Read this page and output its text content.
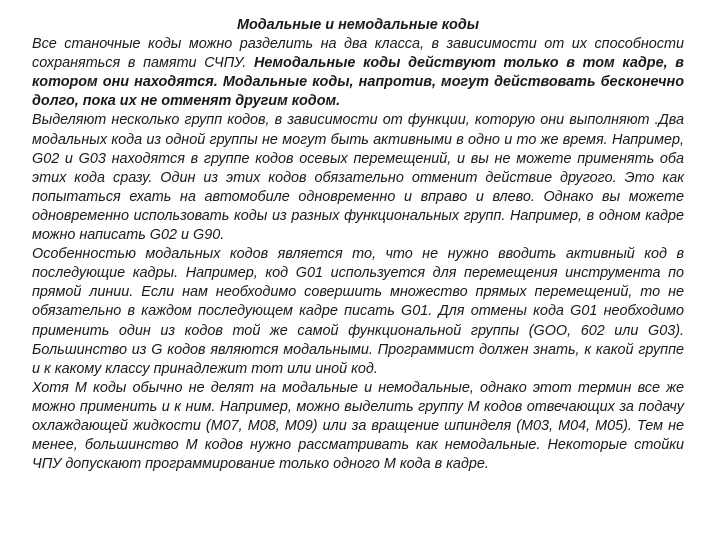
Модальные и немодальные коды

Все станочные коды можно разделить на два класса, в зависимости от их способности сохраняться в памяти СЧПУ. Немодальные коды действуют только в том кадре, в котором они находятся. Модальные коды, напротив, могут действовать бесконечно долго, пока их не отменят другим кодом.

Выделяют несколько групп кодов, в зависимости от функции, которую они выполняют .Два модальных кода из одной группы не могут быть активными в одно и то же время. Например, G02 и G03 находятся в группе кодов осевых перемещений, и вы не можете применять оба этих кода сразу. Один из этих кодов обязательно отменит действие другого. Это как попытаться ехать на автомобиле одновременно и вправо и влево. Однако вы можете одновременно использовать коды из разных функциональных групп. Например, в одном кадре можно написать G02 и G90.

Особенностью модальных кодов является то, что не нужно вводить активный код в последующие кадры. Например, код G01 используется для перемещения инструмента по прямой линии. Если нам необходимо совершить множество прямых перемещений, то не обязательно в каждом последующем кадре писать G01. Для отмены кода G01 необходимо применить один из кодов той же самой функциональной группы (GOO, 602 или G03). Большинство из G кодов являются модальными. Программист должен знать, к какой группе и к какому классу принадлежит тот или иной код.

Хотя М коды обычно не делят на модальные и немодальные, однако этот термин все же можно применить и к ним. Например, можно выделить группу М кодов отвечающих за подачу охлаждающей жидкости (М07, М08, М09) или за вращение шпинделя (М03, М04, М05). Тем не менее, большинство М кодов нужно рассматривать как немодальные. Некоторые стойки ЧПУ допускают программирование только одного М кода в кадре.
